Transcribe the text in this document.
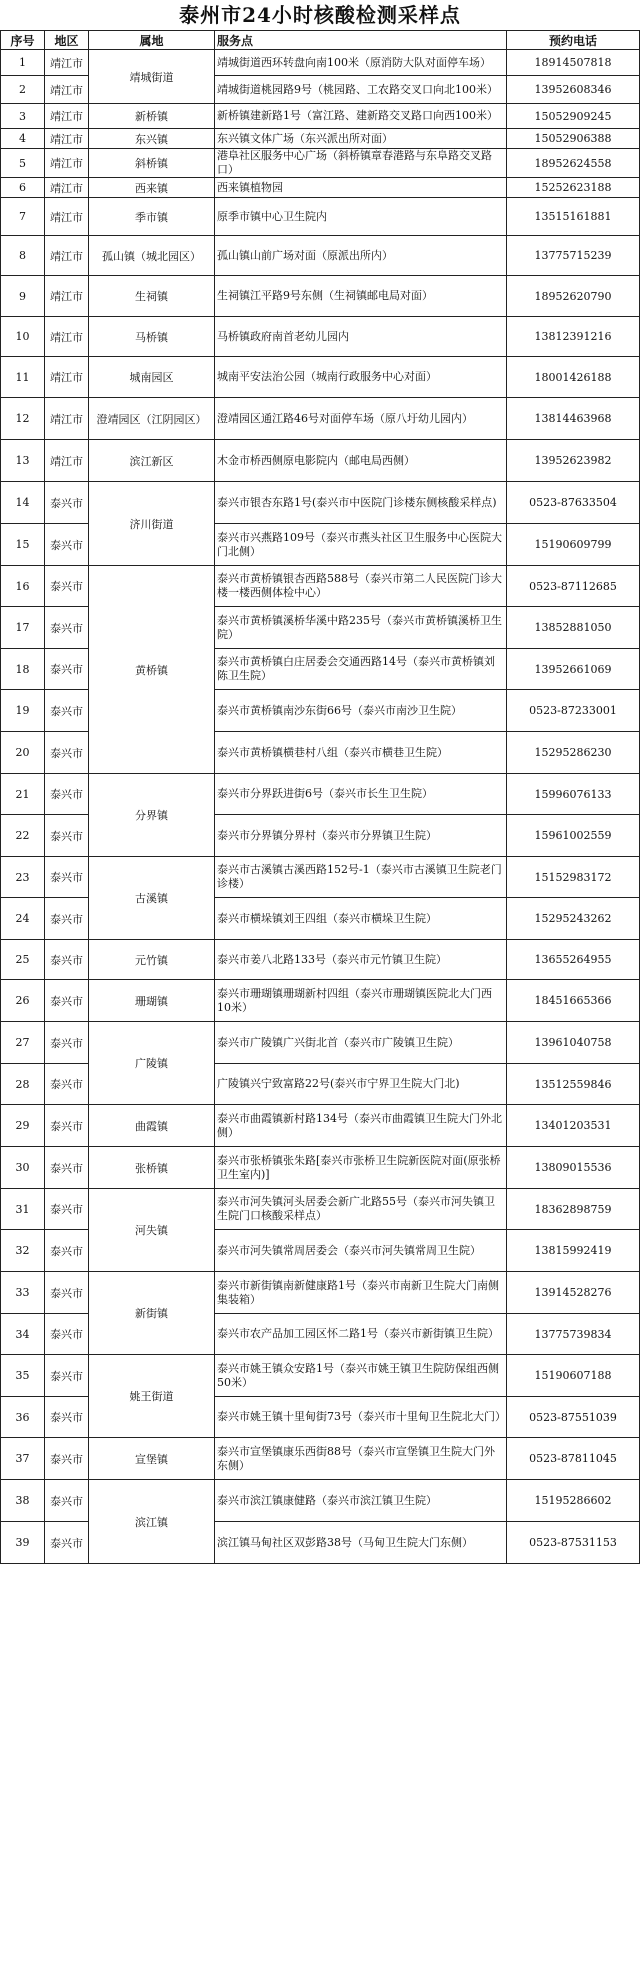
泰州市24小时核酸检测采样点
序号	地区	属地	服务点	预约电话
1	靖江市	靖城街道	靖城街道西环转盘向南100米（原消防大队对面停车场）	18914507818
2	靖江市		靖城街道桃园路9号（桃园路、工农路交叉口向北100米）	13952608346
3	靖江市	新桥镇	新桥镇建新路1号（富江路、建新路交叉路口向西100米）	15052909245
4	靖江市	东兴镇	东兴镇文体广场（东兴派出所对面）	15052906388
5	靖江市	斜桥镇	港阜社区服务中心广场（斜桥镇章春港路与东阜路交叉路口）	18952624558
6	靖江市	西来镇	西来镇植物园	15252623188
7	靖江市	季市镇	原季市镇中心卫生院内	13515161881
8	靖江市	孤山镇（城北园区）	孤山镇山前广场对面（原派出所内）	13775715239
9	靖江市	生祠镇	生祠镇江平路9号东侧（生祠镇邮电局对面）	18952620790
10	靖江市	马桥镇	马桥镇政府南首老幼儿园内	13812391216
11	靖江市	城南园区	城南平安法治公园（城南行政服务中心对面）	18001426188
12	靖江市	澄靖园区（江阴园区）	澄靖园区通江路46号对面停车场（原八圩幼儿园内）	13814463968
13	靖江市	滨江新区	木金市桥西侧原电影院内（邮电局西侧）	13952623982
14	泰兴市	济川街道	泰兴市银杏东路1号(泰兴市中医院门诊楼东侧核酸采样点)	0523-87633504
15	泰兴市		泰兴市兴燕路109号（泰兴市燕头社区卫生服务中心医院大门北侧）	15190609799
16	泰兴市	黄桥镇	泰兴市黄桥镇银杏西路588号（泰兴市第二人民医院门诊大楼一楼西侧体检中心）	0523-87112685
17	泰兴市		泰兴市黄桥镇溪桥华溪中路235号（泰兴市黄桥镇溪桥卫生院）	13852881050
18	泰兴市		泰兴市黄桥镇白庄居委会交通西路14号（泰兴市黄桥镇刘陈卫生院）	13952661069
19	泰兴市		泰兴市黄桥镇南沙东街66号（泰兴市南沙卫生院）	0523-87233001
20	泰兴市		泰兴市黄桥镇横巷村八组（泰兴市横巷卫生院）	15295286230
21	泰兴市	分界镇	泰兴市分界跃进街6号（泰兴市长生卫生院）	15996076133
22	泰兴市		泰兴市分界镇分界村（泰兴市分界镇卫生院）	15961002559
23	泰兴市	古溪镇	泰兴市古溪镇古溪西路152号-1（泰兴市古溪镇卫生院老门诊楼）	15152983172
24	泰兴市		泰兴市横垛镇刘王四组（泰兴市横垛卫生院）	15295243262
25	泰兴市	元竹镇	泰兴市姜八北路133号（泰兴市元竹镇卫生院）	13655264955
26	泰兴市	珊瑚镇	泰兴市珊瑚镇珊瑚新村四组（泰兴市珊瑚镇医院北大门西10米）	18451665366
27	泰兴市	广陵镇	泰兴市广陵镇广兴街北首（泰兴市广陵镇卫生院）	13961040758
28	泰兴市		广陵镇兴宁致富路22号(泰兴市宁界卫生院大门北)	13512559846
29	泰兴市	曲霞镇	泰兴市曲霞镇新村路134号（泰兴市曲霞镇卫生院大门外北侧）	13401203531
30	泰兴市	张桥镇	泰兴市张桥镇张朱路[泰兴市张桥卫生院新医院对面(原张桥卫生室内)]	13809015536
31	泰兴市	河失镇	泰兴市河失镇河头居委会新广北路55号（泰兴市河失镇卫生院门口核酸采样点）	18362898759
32	泰兴市		泰兴市河失镇常周居委会（泰兴市河失镇常周卫生院）	13815992419
33	泰兴市	新街镇	泰兴市新街镇南新健康路1号（泰兴市南新卫生院大门南侧集装箱）	13914528276
34	泰兴市		泰兴市农产品加工园区怀二路1号（泰兴市新街镇卫生院）	13775739834
35	泰兴市	姚王街道	泰兴市姚王镇众安路1号（泰兴市姚王镇卫生院防保组西侧50米）	15190607188
36	泰兴市		泰兴市姚王镇十里甸街73号（泰兴市十里甸卫生院北大门）	0523-87551039
37	泰兴市	宣堡镇	泰兴市宣堡镇康乐西街88号（泰兴市宣堡镇卫生院大门外东侧）	0523-87811045
38	泰兴市	滨江镇	泰兴市滨江镇康健路（泰兴市滨江镇卫生院）	15195286602
39	泰兴市		滨江镇马甸社区双彭路38号（马甸卫生院大门东侧）	0523-87531153
